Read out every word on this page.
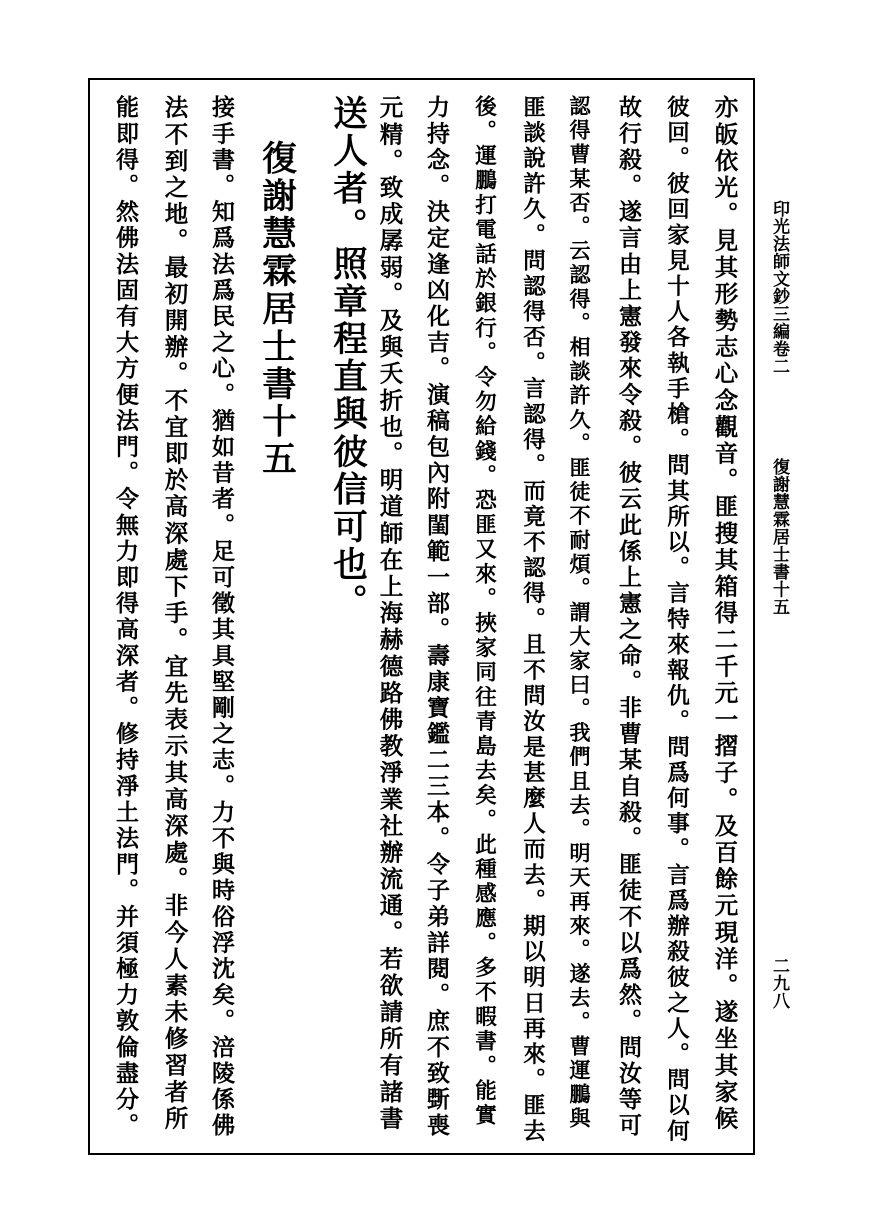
印光法師文鈔三編卷二
復謝慧霖居士書十五
二九八
亦皈依光。見其形勢志心念觀音。匪搜其箱得二千元一摺子。及百餘元現洋。遂坐其家候
彼回。彼回家見十人各執手槍。問其所以。言特來報仇。問爲何事。言爲辦殺彼之人。問以何
故行殺。遂言由上憲發來令殺。彼云此係上憲之命。非曹某自殺。匪徒不以爲然。問汝等可
認得曹某否。云認得。相談許久。匪徒不耐煩。謂大家曰。我們且去。明天再來。遂去。曹運鵬與
匪談說許久。問認得否。言認得。而竟不認得。且不問汝是甚麼人而去。期以明日再來。匪去
後。運鵬打電話於銀行。令勿給錢。恐匪又來。挾家同往青島去矣。此種感應。多不暇書。能實
力持念。決定逢凶化吉。演稿包內附閨範一部。壽康寶鑑二三本。令子弟詳閱。庶不致斲喪
元精。致成孱弱。及與夭折也。明道師在上海赫德路佛教淨業社辦流通。若欲請所有諸書
送人者。照章程直與彼信可也。
復謝慧霖居士書十五
接手書。知爲法爲民之心。猶如昔者。足可徵其具堅剛之志。力不與時俗浮沈矣。涪陵係佛
法不到之地。最初開辦。不宜即於高深處下手。宜先表示其高深處。非今人素未修習者所
能即得。然佛法固有大方便法門。令無力即得高深者。修持淨土法門。并須極力敦倫盡分。
